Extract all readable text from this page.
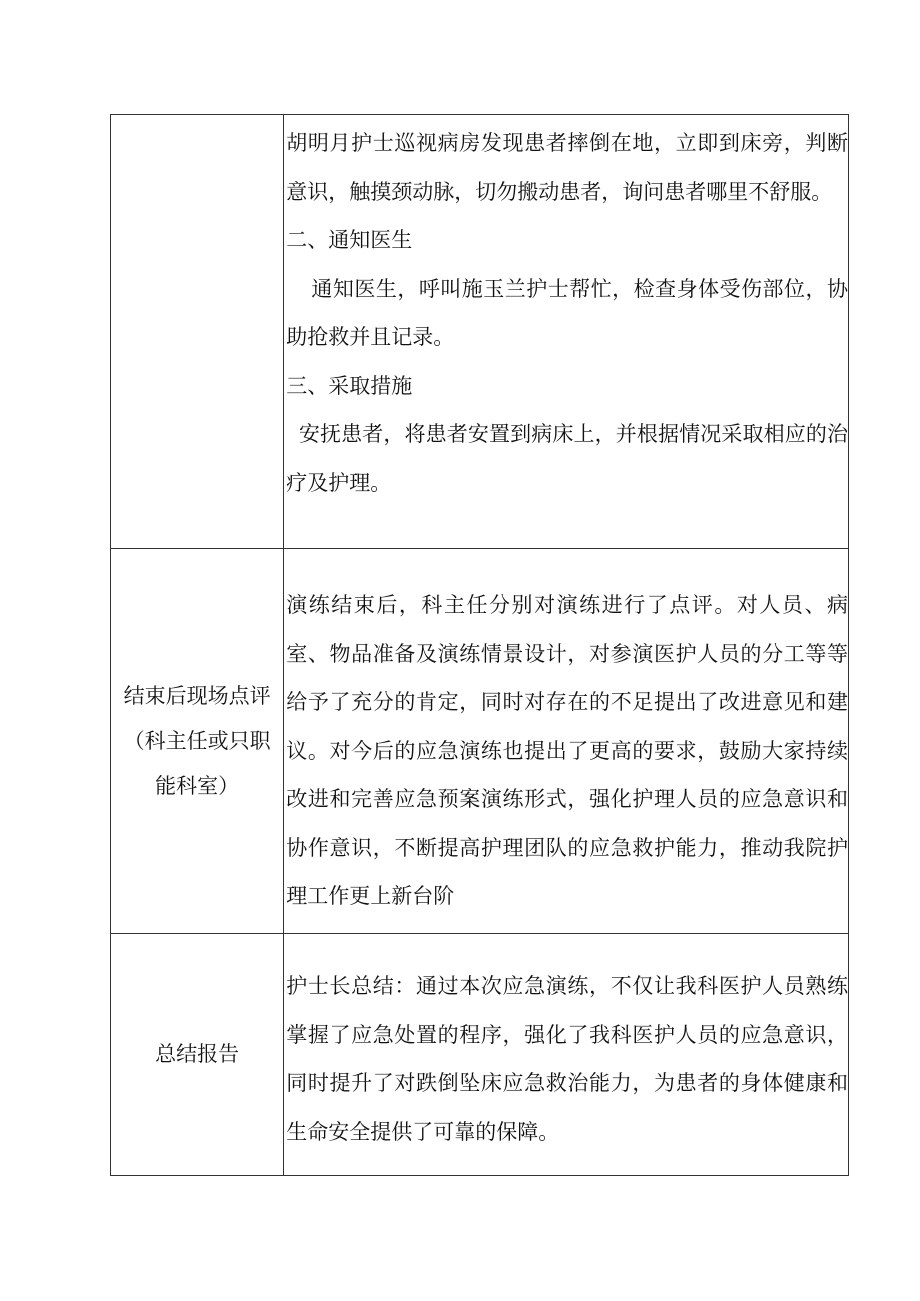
	胡明月护士巡视病房发现患者摔倒在地，立即到床旁，判断意识，触摸颈动脉，切勿搬动患者，询问患者哪里不舒服。

二、通知医生

通知医生，呼叫施玉兰护士帮忙，检查身体受伤部位，协助抢救并且记录。

三、采取措施

安抚患者，将患者安置到病床上，并根据情况采取相应的治疗及护理。

结束后现场点评
（科主任或只职
能科室）	演练结束后，科主任分别对演练进行了点评。对人员、病室、物品准备及演练情景设计，对参演医护人员的分工等等给予了充分的肯定，同时对存在的不足提出了改进意见和建议。对今后的应急演练也提出了更高的要求，鼓励大家持续改进和完善应急预案演练形式，强化护理人员的应急意识和协作意识，不断提高护理团队的应急救护能力，推动我院护理工作更上新台阶

总结报告	护士长总结：通过本次应急演练，不仅让我科医护人员熟练掌握了应急处置的程序，强化了我科医护人员的应急意识，同时提升了对跌倒坠床应急救治能力，为患者的身体健康和生命安全提供了可靠的保障。
